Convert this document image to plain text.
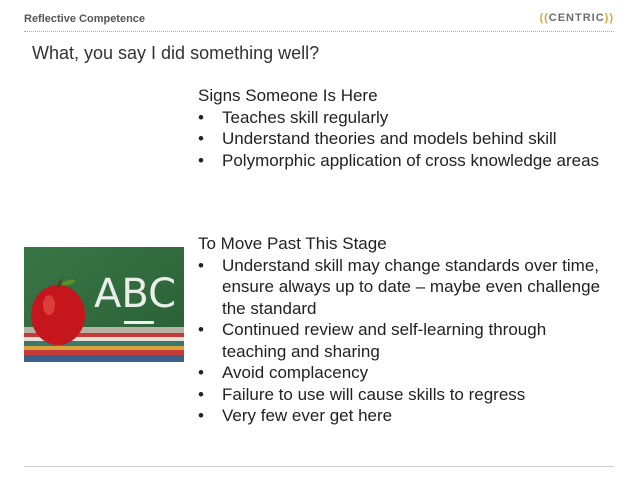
Reflective Competence	((CENTRIC))
What, you say I did something well?
Signs Someone Is Here
• Teaches skill regularly
• Understand theories and models behind skill
• Polymorphic application of cross knowledge areas
To Move Past This Stage
• Understand skill may change standards over time, ensure always up to date – maybe even challenge the standard
• Continued review and self-learning through teaching and sharing
• Avoid complacency
• Failure to use will cause skills to regress
• Very few ever get here
ABC
